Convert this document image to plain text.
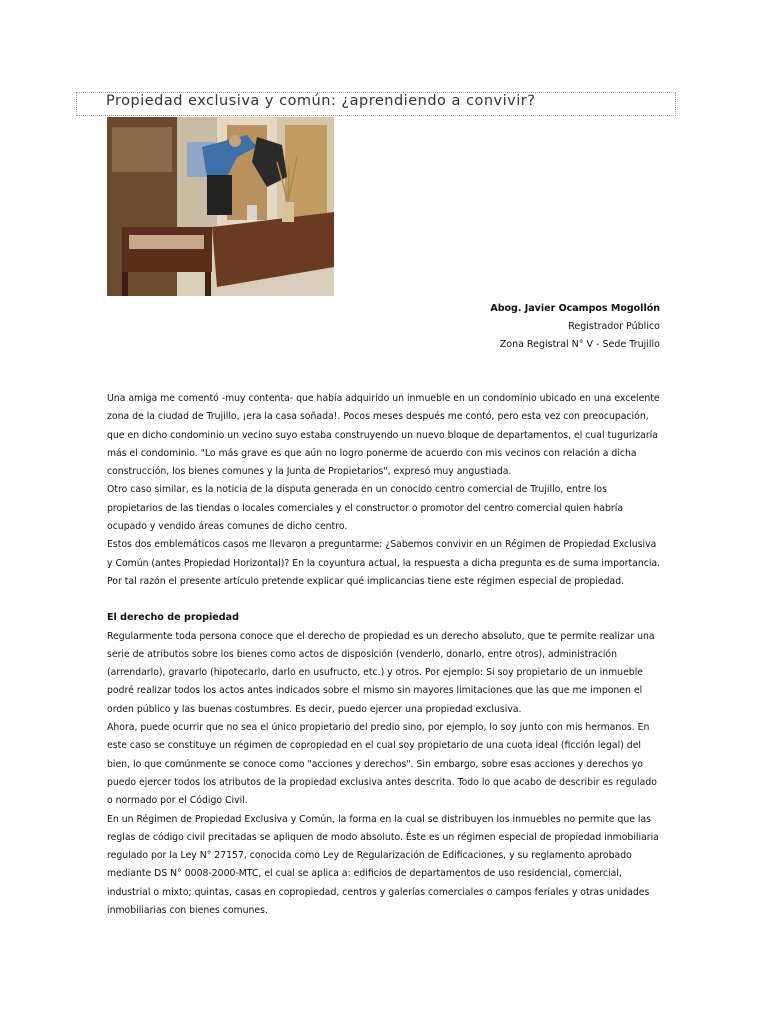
Propiedad exclusiva y común: ¿aprendiendo a convivir?
Abog. Javier Ocampos Mogollón
Registrador Público
Zona Registral N° V - Sede Trujillo

Una amiga me comentó -muy contenta- que había adquirido un inmueble en un condominio ubicado en una excelente zona de la ciudad de Trujillo, ¡era la casa soñada!. Pocos meses después me contó, pero esta vez con preocupación, que en dicho condominio un vecino suyo estaba construyendo un nuevo bloque de departamentos, el cual tugurizaría más el condominio. "Lo más grave es que aún no logro ponerme de acuerdo con mis vecinos con relación a dicha construcción, los bienes comunes y la Junta de Propietarios", expresó muy angustiada.

Otro caso similar, es la noticia de la disputa generada en un conocido centro comercial de Trujillo, entre los propietarios de las tiendas o locales comerciales y el constructor o promotor del centro comercial quien habría ocupado y vendido áreas comunes de dicho centro.

Estos dos emblemáticos casos me llevaron a preguntarme: ¿Sabemos convivir en un Régimen de Propiedad Exclusiva y Común (antes Propiedad Horizontal)? En la coyuntura actual, la respuesta a dicha pregunta es de suma importancia. Por tal razón el presente artículo pretende explicar qué implicancias tiene este régimen especial de propiedad.

El derecho de propiedad

Regularmente toda persona conoce que el derecho de propiedad es un derecho absoluto, que te permite realizar una serie de atributos sobre los bienes como actos de disposición (venderlo, donarlo, entre otros), administración (arrendarlo), gravarlo (hipotecarlo, darlo en usufructo, etc.) y otros. Por ejemplo: Si soy propietario de un inmueble podré realizar todos los actos antes indicados sobre el mismo sin mayores limitaciones que las que me imponen el orden público y las buenas costumbres. Es decir, puedo ejercer una propiedad exclusiva.

Ahora, puede ocurrir que no sea el único propietario del predio sino, por ejemplo, lo soy junto con mis hermanos. En este caso se constituye un régimen de copropiedad en el cual soy propietario de una cuota ideal (ficción legal) del bien, lo que comúnmente se conoce como "acciones y derechos". Sin embargo, sobre esas acciones y derechos yo puedo ejercer todos los atributos de la propiedad exclusiva antes descrita. Todo lo que acabo de describir es regulado o normado por el Código Civil.

En un Régimen de Propiedad Exclusiva y Común, la forma en la cual se distribuyen los inmuebles no permite que las reglas de código civil precitadas se apliquen de modo absoluto. Éste es un régimen especial de propiedad inmobiliaria regulado por la Ley N° 27157, conocida como Ley de Regularización de Edificaciones, y su reglamento aprobado mediante DS N° 0008-2000-MTC, el cual se aplica a: edificios de departamentos de uso residencial, comercial, industrial o mixto; quintas, casas en copropiedad, centros y galerías comerciales o campos feriales y otras unidades inmobiliarias con bienes comunes.
